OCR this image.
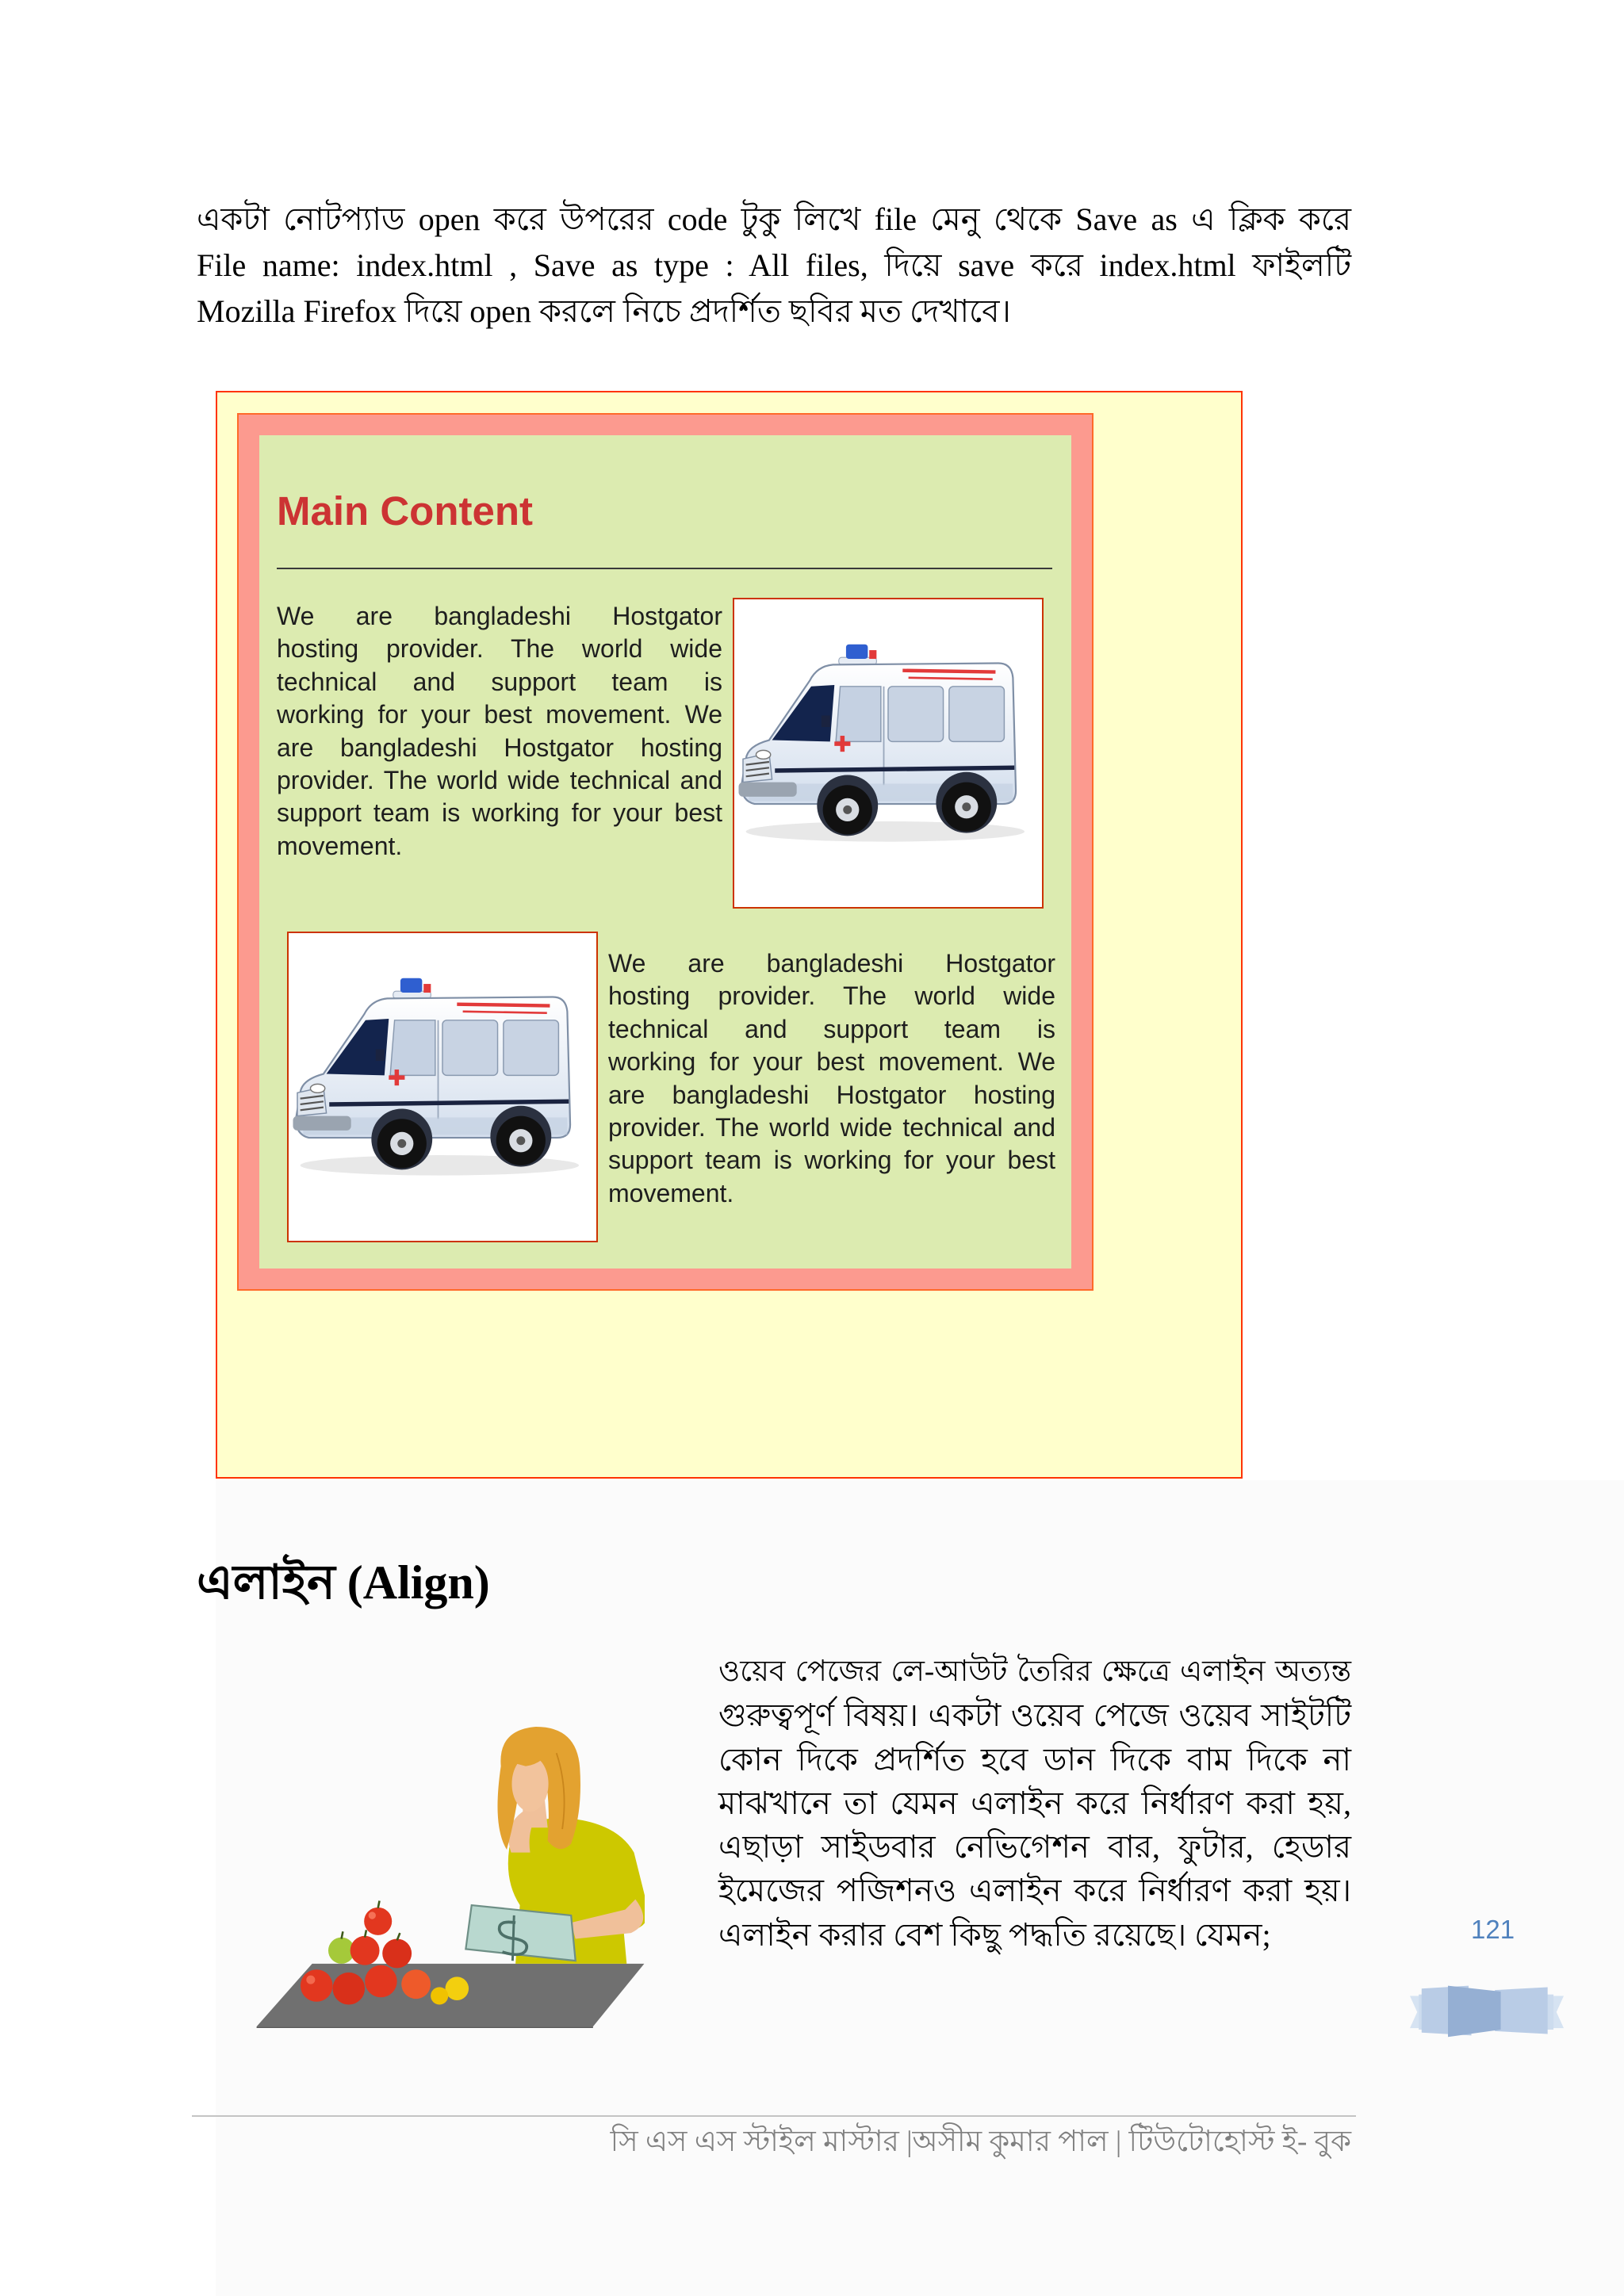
একটা নোটপ্যাড open করে উপরের code টুকু লিখে file মেনু থেকে Save as এ ক্লিক করে
File name: index.html , Save as type : All files, দিয়ে save করে index.html ফাইলটি
Mozilla Firefox দিয়ে open করলে নিচে প্রদর্শিত ছবির মত দেখাবে।
Main Content
We are bangladeshi Hostgator
hosting provider. The world wide
technical and support team is
working for your best movement. We
are bangladeshi Hostgator hosting
provider. The world wide technical and
support team is working for your best
movement.
We are bangladeshi Hostgator
hosting provider. The world wide
technical and support team is
working for your best movement. We
are bangladeshi Hostgator hosting
provider. The world wide technical and
support team is working for your best
movement.
এলাইন (Align)
ওয়েব পেজের লে-আউট তৈরির ক্ষেত্রে এলাইন অত্যন্ত
গুরুত্বপূর্ণ বিষয়। একটা ওয়েব পেজে ওয়েব সাইটটি
কোন দিকে প্রদর্শিত হবে ডান দিকে বাম দিকে না
মাঝখানে তা যেমন এলাইন করে নির্ধারণ করা হয়,
এছাড়া সাইডবার নেভিগেশন বার, ফুটার, হেডার
ইমেজের পজিশনও এলাইন করে নির্ধারণ করা হয়।
এলাইন করার বেশ কিছু পদ্ধতি রয়েছে। যেমন;	121
সি এস এস স্টাইল মাস্টার |অসীম কুমার পাল | টিউটোহোস্ট ই- বুক
